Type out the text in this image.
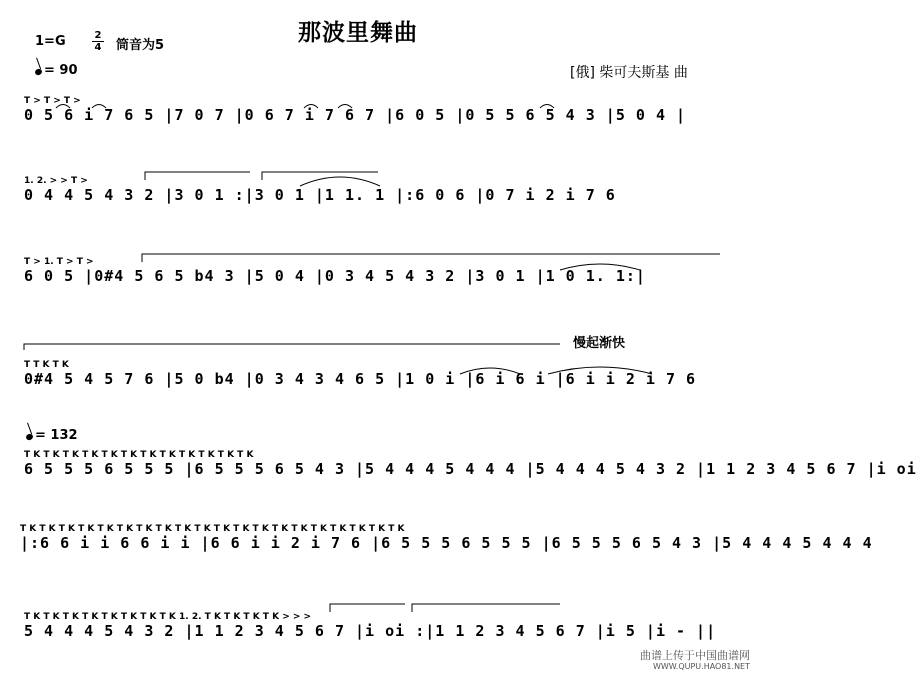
那波里舞曲
1=G	2
4 筒音为5
[俄] 柴可夫斯基 曲
= 90
= 132
慢起渐快
T > T > T >
0 5 6 i 7 6 5 |7 0 7 |0 6 7 i 7 6 7 |6 0 5 |0 5 5 6 5 4 3 |5 0 4 |
1. 2. > > T >
0 4 4 5 4 3 2 |3 0 1 :|3 0 1 |1 1. 1 |:6 0 6 |0 7 i 2 i 7 6
T > 1. T > T >
6 0 5 |0#4 5 6 5 b4 3 |5 0 4 |0 3 4 5 4 3 2 |3 0 1 |1 0 1. 1:|
T T K T K
0#4 5 4 5 7 6 |5 0 b4 |0 3 4 3 4 6 5 |1 0 i |6 i 6 i |6 i i 2 i 7 6
T K T K T K T K T K T K T K T K T K T K T K T K
6 5 5 5 6 5 5 5 |6 5 5 5 6 5 4 3 |5 4 4 4 5 4 4 4 |5 4 4 4 5 4 3 2 |1 1 2 3 4 5 6 7 |i oi
T K T K T K T K T K T K T K T K T K T K T K T K T K T K T K T K T K T K T K T K
|:6 6 i i 6 6 i i |6 6 i i 2 i 7 6 |6 5 5 5 6 5 5 5 |6 5 5 5 6 5 4 3 |5 4 4 4 5 4 4 4
T K T K T K T K T K T K T K T K 1. 2. T K T K T K T K > > >
5 4 4 4 5 4 3 2 |1 1 2 3 4 5 6 7 |i oi :|1 1 2 3 4 5 6 7 |i 5 |i - ||
曲谱上传于中国曲谱网
WWW.QUPU.HAO81.NET
